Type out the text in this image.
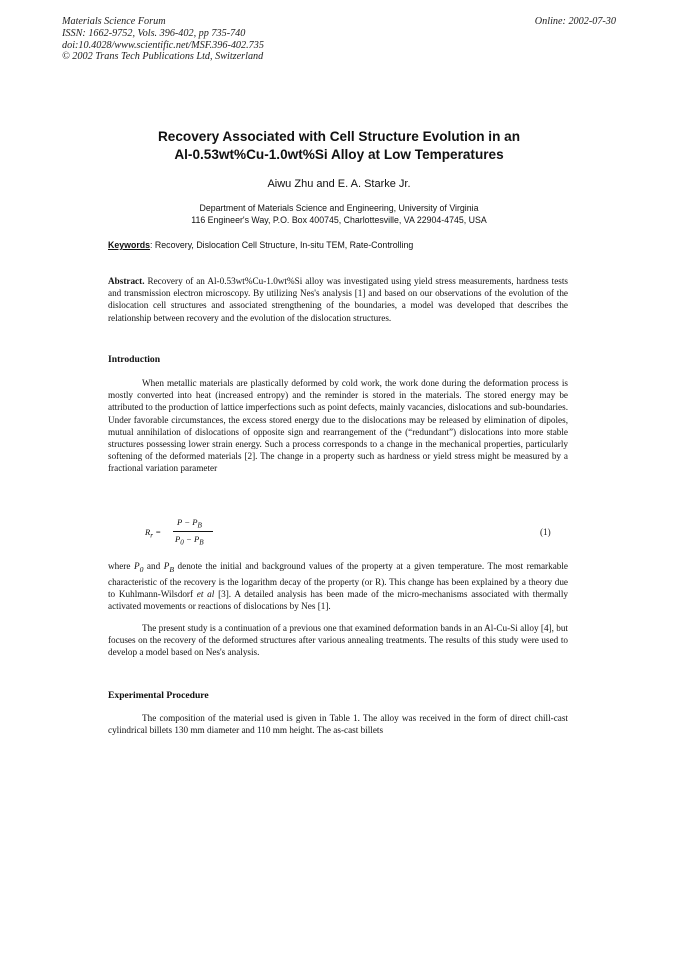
Materials Science Forum
ISSN: 1662-9752, Vols. 396-402, pp 735-740
doi:10.4028/www.scientific.net/MSF.396-402.735
© 2002 Trans Tech Publications Ltd, Switzerland
Online: 2002-07-30
Recovery Associated with Cell Structure Evolution in an
Al-0.53wt%Cu-1.0wt%Si Alloy at Low Temperatures
Aiwu Zhu and E. A. Starke Jr.
Department of Materials Science and Engineering, University of Virginia
116 Engineer's Way, P.O. Box 400745, Charlottesville, VA 22904-4745, USA
Keywords: Recovery, Dislocation Cell Structure, In-situ TEM, Rate-Controlling
Abstract. Recovery of an Al-0.53wt%Cu-1.0wt%Si alloy was investigated using yield stress measurements, hardness tests and transmission electron microscopy. By utilizing Nes's analysis [1] and based on our observations of the evolution of the dislocation cell structures and associated strengthening of the boundaries, a model was developed that describes the relationship between recovery and the evolution of the dislocation structures.
Introduction
When metallic materials are plastically deformed by cold work, the work done during the deformation process is mostly converted into heat (increased entropy) and the reminder is stored in the materials. The stored energy may be attributed to the production of lattice imperfections such as point defects, mainly vacancies, dislocations and sub-boundaries. Under favorable circumstances, the excess stored energy due to the dislocations may be released by elimination of dipoles, mutual annihilation of dislocations of opposite sign and rearrangement of the (“redundant”) dislocations into more stable structures possessing lower strain energy. Such a process corresponds to a change in the mechanical properties, particularly softening of the deformed materials [2]. The change in a property such as hardness or yield stress might be measured by a fractional variation parameter
$R_r$ =
$P - P_B$
$P_0 - P_B$
(1)
where $P_0$ and $P_B$ denote the initial and background values of the property at a given temperature. The most remarkable characteristic of the recovery is the logarithm decay of the property (or R). This change has been explained by a theory due to Kuhlmann-Wilsdorf et al [3]. A detailed analysis has been made of the micro-mechanisms associated with thermally activated movements or reactions of dislocations by Nes [1].
The present study is a continuation of a previous one that examined deformation bands in an Al-Cu-Si alloy [4], but focuses on the recovery of the deformed structures after various annealing treatments. The results of this study were used to develop a model based on Nes's analysis.
Experimental Procedure
The composition of the material used is given in Table 1. The alloy was received in the form of direct chill-cast cylindrical billets 130 mm diameter and 110 mm height. The as-cast billets
